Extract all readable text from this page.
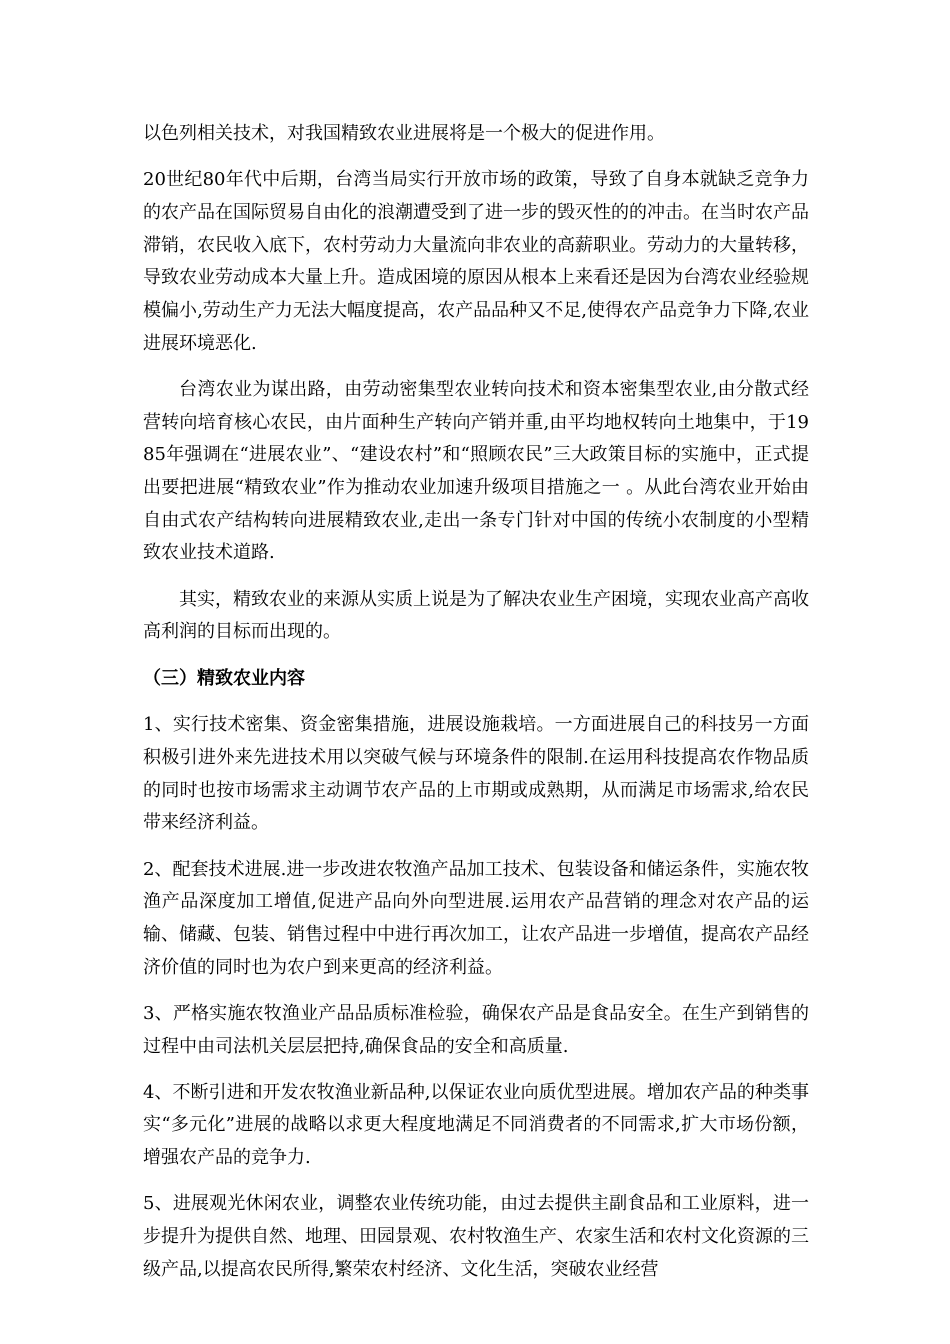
以色列相关技术，对我国精致农业进展将是一个极大的促进作用。

20世纪80年代中后期，台湾当局实行开放市场的政策，导致了自身本就缺乏竞争力的农产品在国际贸易自由化的浪潮遭受到了进一步的毁灭性的的冲击。在当时农产品滞销，农民收入底下，农村劳动力大量流向非农业的高薪职业。劳动力的大量转移，导致农业劳动成本大量上升。造成困境的原因从根本上来看还是因为台湾农业经验规模偏小,劳动生产力无法大幅度提高，农产品品种又不足,使得农产品竞争力下降,农业进展环境恶化.

台湾农业为谋出路，由劳动密集型农业转向技术和资本密集型农业,由分散式经营转向培育核心农民，由片面种生产转向产销并重,由平均地权转向土地集中，于1985年强调在“进展农业”、“建设农村”和“照顾农民”三大政策目标的实施中，正式提出要把进展“精致农业”作为推动农业加速升级项目措施之一 。从此台湾农业开始由自由式农产结构转向进展精致农业,走出一条专门针对中国的传统小农制度的小型精致农业技术道路.

其实，精致农业的来源从实质上说是为了解决农业生产困境，实现农业高产高收高利润的目标而出现的。

（三）精致农业内容

1、实行技术密集、资金密集措施，进展设施栽培。一方面进展自己的科技另一方面积极引进外来先进技术用以突破气候与环境条件的限制.在运用科技提高农作物品质的同时也按市场需求主动调节农产品的上市期或成熟期，从而满足市场需求,给农民带来经济利益。

2、配套技术进展.进一步改进农牧渔产品加工技术、包装设备和储运条件，实施农牧渔产品深度加工增值,促进产品向外向型进展.运用农产品营销的理念对农产品的运输、储藏、包装、销售过程中中进行再次加工，让农产品进一步增值，提高农产品经济价值的同时也为农户到来更高的经济利益。

3、严格实施农牧渔业产品品质标准检验，确保农产品是食品安全。在生产到销售的过程中由司法机关层层把持,确保食品的安全和高质量.

4、不断引进和开发农牧渔业新品种,以保证农业向质优型进展。增加农产品的种类事实“多元化”进展的战略以求更大程度地满足不同消费者的不同需求,扩大市场份额，增强农产品的竞争力.

5、进展观光休闲农业，调整农业传统功能，由过去提供主副食品和工业原料，进一步提升为提供自然、地理、田园景观、农村牧渔生产、农家生活和农村文化资源的三级产品,以提高农民所得,繁荣农村经济、文化生活，突破农业经营
